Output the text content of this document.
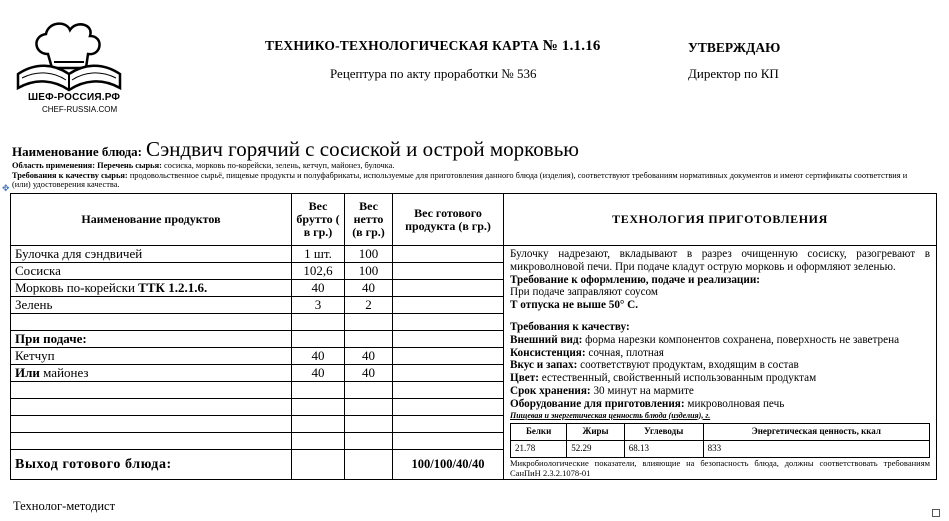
ШЕФ-РОССИЯ.РФ
CHEF-RUSSIA.COM
ТЕХНИКО-ТЕХНОЛОГИЧЕСКАЯ КАРТА № 1.1.16
Рецептура по акту проработки № 536
УТВЕРЖДАЮ
Директор по КП
Наименование блюда: Сэндвич горячий с сосиской и острой морковью
Область применения: Перечень сырья: сосиска, морковь по-корейски, зелень, кетчуп, майонез, булочка.
Требования к качеству сырья: продовольственное сырьё, пищевые продукты и полуфабрикаты, используемые для приготовления данного блюда (изделия), соответствуют требованиям нормативных документов и имеют сертификаты соответствия и (или) удостоверения качества.
✥
Наименование продуктов	Вес брутто ( в гр.)	Вес нетто (в гр.)	Вес готового продукта (в гр.)	ТЕХНОЛОГИЯ ПРИГОТОВЛЕНИЯ
Булочка для сэндвичей	1 шт.	100		Булочку надрезают, вкладывают в разрез очищенную сосиску, разогревают в микроволновой печи. При подаче кладут острую морковь и оформляют зеленью.

Требование к оформлению, подаче и реализации:

При подаче заправляют соусом

Т отпуска не выше 50° С.

Требования к качеству:

Внешний вид: форма нарезки компонентов сохранена, поверхность не заветрена

Консистенция: сочная, плотная

Вкус и запах: соответствуют продуктам, входящим в состав

Цвет: естественный, свойственный использованным продуктам

Срок хранения: 30 минут на мармите

Оборудование для приготовления: микроволновая печь

Пищевая и энергетическая ценность блюда (изделия), г.

Белки	Жиры	Углеводы	Энергетическая ценность, ккал
21.78	52.29	68.13	833

Микробиологические показатели, влияющие на безопасность блюда, должны соответствовать требованиям СанПиН 2.3.2.1078-01

Сосиска	102,6	100	
Морковь по-корейски ТТК 1.2.1.6.	40	40	
Зелень	3	2	

При подаче:			
Кетчуп	40	40	
Или майонез	40	40	

Выход готового блюда:			100/100/40/40
Технолог-методист
